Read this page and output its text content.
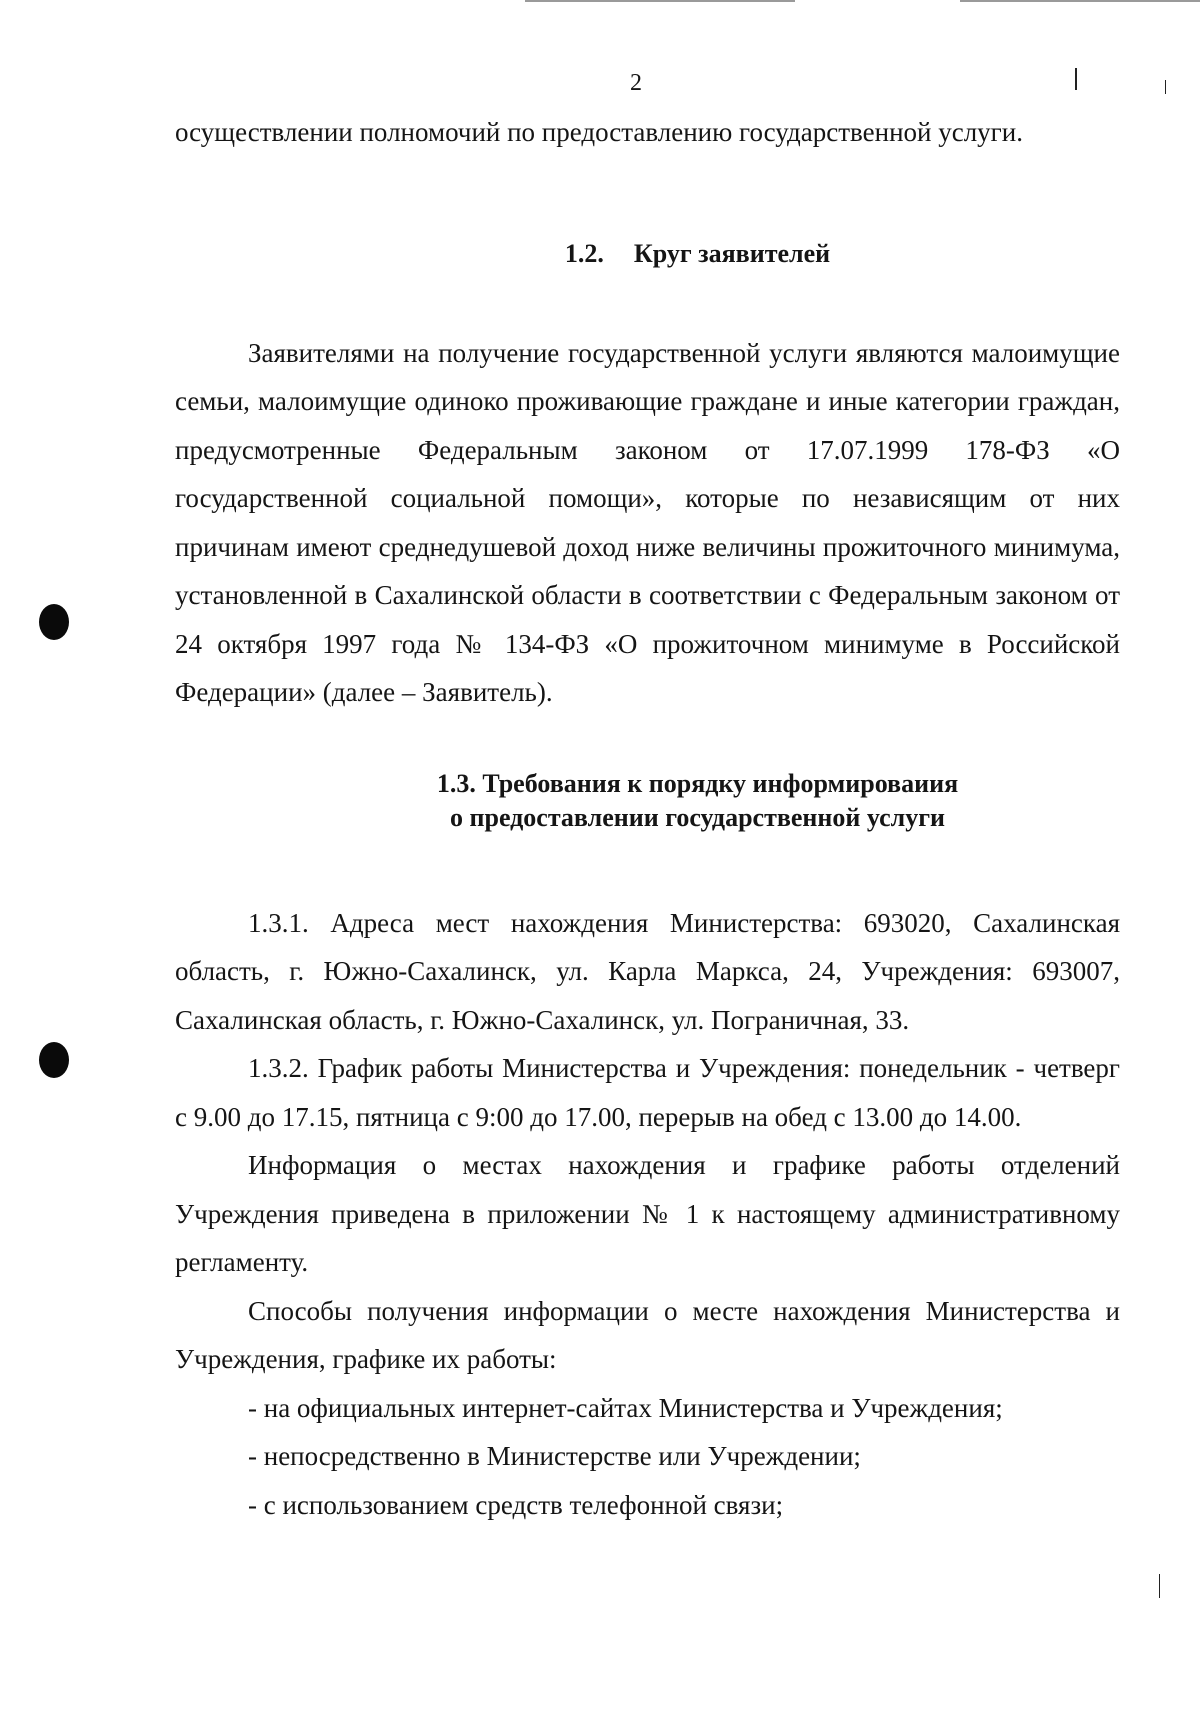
2

осуществлении полномочий по предоставлению государственной услуги.

1.2. Круг заявителей

Заявителями на получение государственной услуги являются малоимущие семьи, малоимущие одиноко проживающие граждане и иные категории граждан, предусмотренные Федеральным законом от 17.07.1999 178-ФЗ «О государственной социальной помощи», которые по независящим от них причинам имеют среднедушевой доход ниже величины прожиточного минимума, установленной в Сахалинской области в соответствии с Федеральным законом от 24 октября 1997 года № 134-ФЗ «О прожиточном минимуме в Российской Федерации» (далее – Заявитель).

1.3. Требования к порядку информироваиия
о предоставлении государственной услуги

1.3.1. Адреса мест нахождения Министерства: 693020, Сахалинская область, г. Южно-Сахалинск, ул. Карла Маркса, 24, Учреждения: 693007, Сахалинская область, г. Южно-Сахалинск, ул. Пограничная, 33.

1.3.2. График работы Министерства и Учреждения: понедельник - четверг с 9.00 до 17.15, пятница с 9:00 до 17.00, перерыв на обед с 13.00 до 14.00.

Информация о местах нахождения и графике работы отделений Учреждения приведена в приложении № 1 к настоящему административному регламенту.

Способы получения информации о месте нахождения Министерства и Учреждения, графике их работы:

- на официальных интернет-сайтах Министерства и Учреждения;

- непосредственно в Министерстве или Учреждении;

- с использованием средств телефонной связи;
